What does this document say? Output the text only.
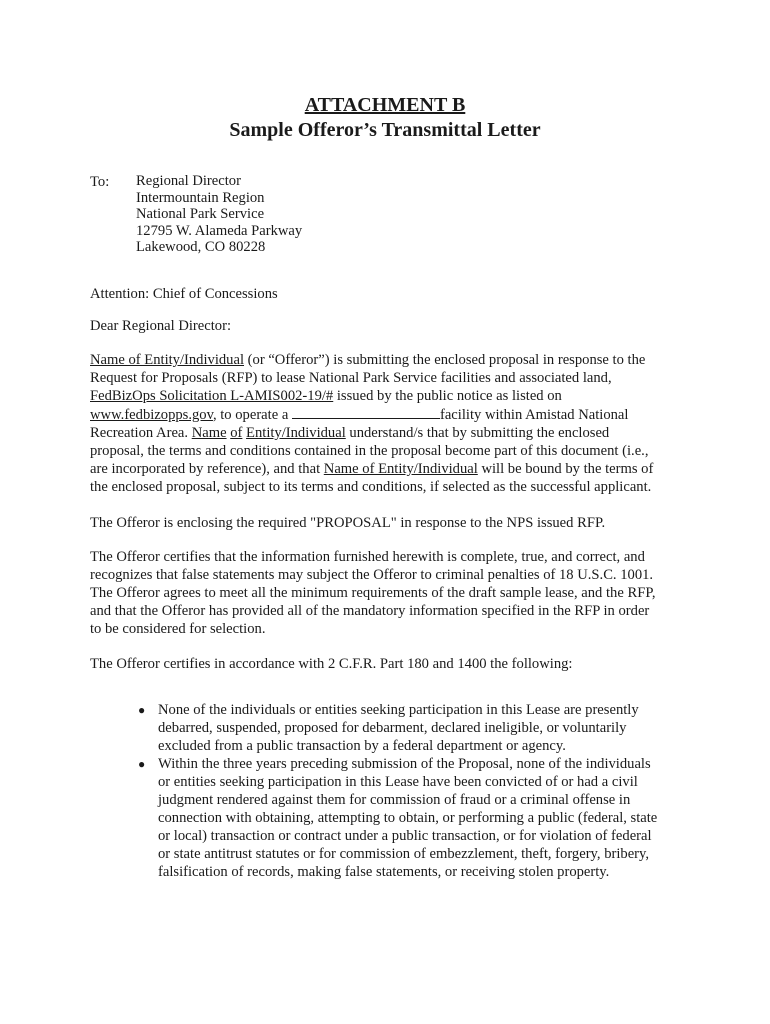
ATTACHMENT B
Sample Offeror’s Transmittal Letter
To: Regional Director
Intermountain Region
National Park Service
12795 W. Alameda Parkway
Lakewood, CO 80228
Attention: Chief of Concessions
Dear Regional Director:
Name of Entity/Individual (or “Offeror”) is submitting the enclosed proposal in response to the
Request for Proposals (RFP) to lease National Park Service facilities and associated land,
FedBizOps Solicitation L-AMIS002-19/# issued by the public notice as listed on
www.fedbizopps.gov, to operate a	facility within Amistad National
Recreation Area. Name of Entity/Individual understand/s that by submitting the enclosed
proposal, the terms and conditions contained in the proposal become part of this document (i.e.,
are incorporated by reference), and that Name of Entity/Individual will be bound by the terms of
the enclosed proposal, subject to its terms and conditions, if selected as the successful applicant.
The Offeror is enclosing the required "PROPOSAL" in response to the NPS issued RFP.
The Offeror certifies that the information furnished herewith is complete, true, and correct, and
recognizes that false statements may subject the Offeror to criminal penalties of 18 U.S.C. 1001.
The Offeror agrees to meet all the minimum requirements of the draft sample lease, and the RFP,
and that the Offeror has provided all of the mandatory information specified in the RFP in order
to be considered for selection.
The Offeror certifies in accordance with 2 C.F.R. Part 180 and 1400 the following:
● None of the individuals or entities seeking participation in this Lease are presently
debarred, suspended, proposed for debarment, declared ineligible, or voluntarily
excluded from a public transaction by a federal department or agency.
● Within the three years preceding submission of the Proposal, none of the individuals
or entities seeking participation in this Lease have been convicted of or had a civil
judgment rendered against them for commission of fraud or a criminal offense in
connection with obtaining, attempting to obtain, or performing a public (federal, state
or local) transaction or contract under a public transaction, or for violation of federal
or state antitrust statutes or for commission of embezzlement, theft, forgery, bribery,
falsification of records, making false statements, or receiving stolen property.
